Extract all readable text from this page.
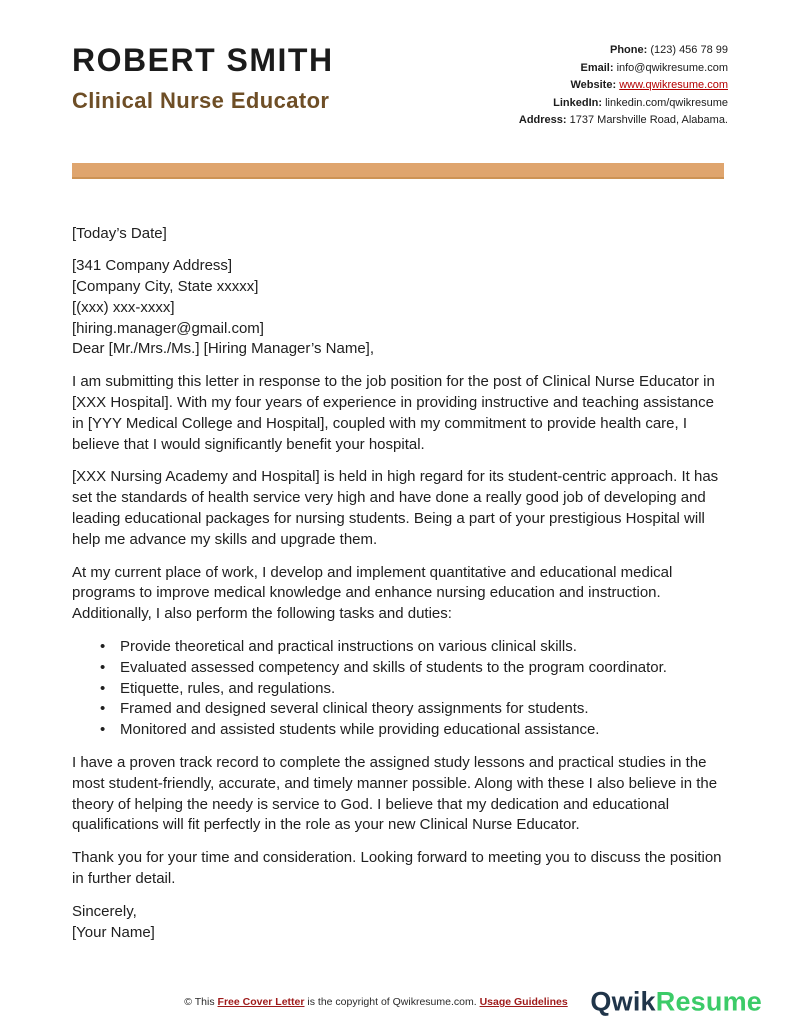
ROBERT SMITH
Clinical Nurse Educator
Phone: (123) 456 78 99
Email: info@qwikresume.com
Website: www.qwikresume.com
LinkedIn: linkedin.com/qwikresume
Address: 1737 Marshville Road, Alabama.

[Today’s Date]

[341 Company Address]
[Company City, State xxxxx]
[(xxx) xxx-xxxx]
[hiring.manager@gmail.com]

Dear [Mr./Mrs./Ms.] [Hiring Manager’s Name],

I am submitting this letter in response to the job position for the post of Clinical Nurse Educator in [XXX Hospital]. With my four years of experience in providing instructive and teaching assistance in [YYY Medical College and Hospital], coupled with my commitment to provide health care, I believe that I would significantly benefit your hospital.

[XXX Nursing Academy and Hospital] is held in high regard for its student-centric approach. It has set the standards of health service very high and have done a really good job of developing and leading educational packages for nursing students. Being a part of your prestigious Hospital will help me advance my skills and upgrade them.

At my current place of work, I develop and implement quantitative and educational medical programs to improve medical knowledge and enhance nursing education and instruction. Additionally, I also perform the following tasks and duties:

• Provide theoretical and practical instructions on various clinical skills.
• Evaluated assessed competency and skills of students to the program coordinator.
• Etiquette, rules, and regulations.
• Framed and designed several clinical theory assignments for students.
• Monitored and assisted students while providing educational assistance.

I have a proven track record to complete the assigned study lessons and practical studies in the most student-friendly, accurate, and timely manner possible. Along with these I also believe in the theory of helping the needy is service to God. I believe that my dedication and educational qualifications will fit perfectly in the role as your new Clinical Nurse Educator.

Thank you for your time and consideration. Looking forward to meeting you to discuss the position in further detail.

Sincerely,
[Your Name]

© This Free Cover Letter is the copyright of Qwikresume.com. Usage Guidelines QwikResume
